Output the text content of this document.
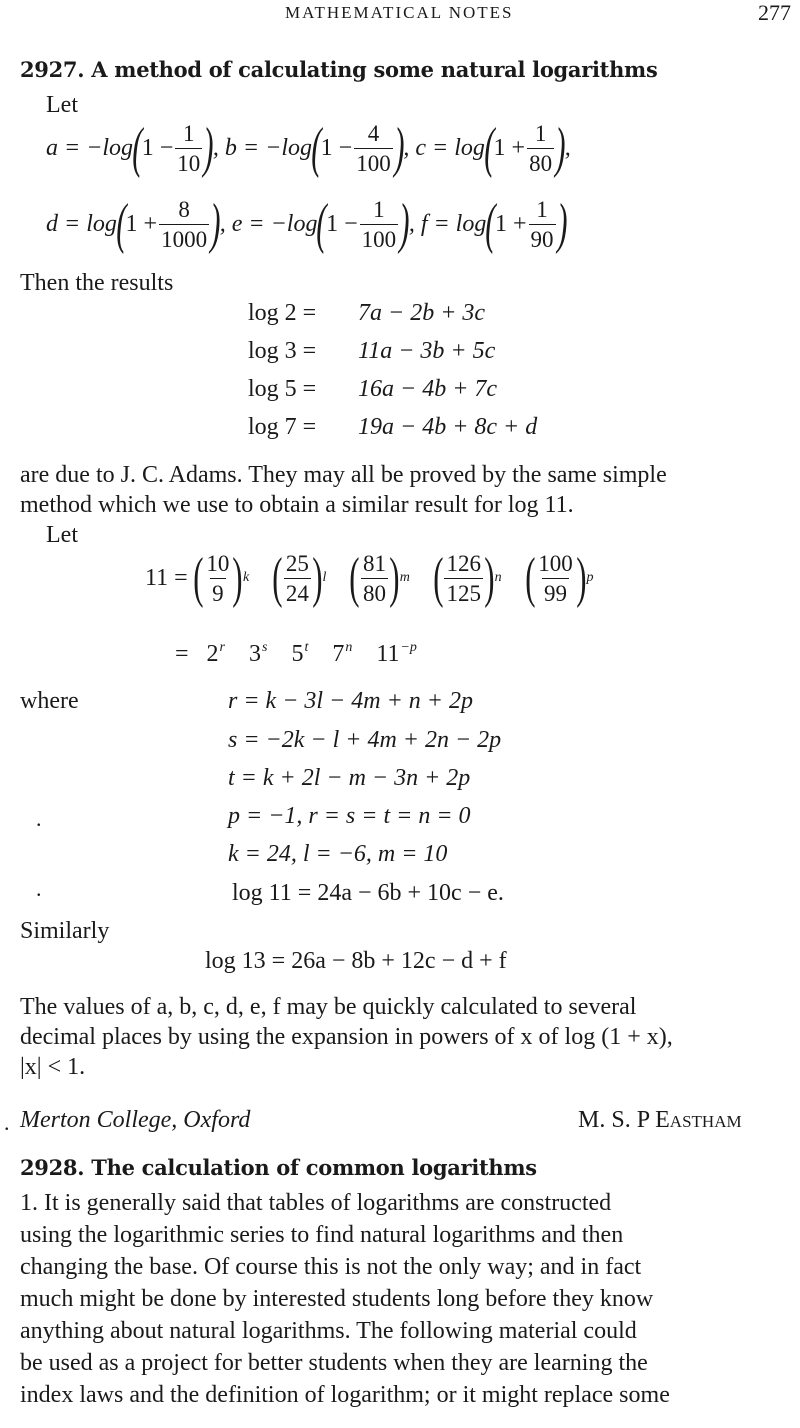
MATHEMATICAL NOTES	277
2927. A method of calculating some natural logarithms
Let
a = −log ( $1 - \frac{1}{10}$ ) , b = −log ( $1 - \frac{4}{100}$ ) , c = log ( $1 + \frac{1}{80}$ ) ,
d = log ( $1 + \frac{8}{1000}$ ) , e = −log ( $1 - \frac{1}{100}$ ) , f = log ( $1 + \frac{1}{90}$ )
Then the results
log 2 =	7a − 2b + 3c
log 3 =	11a − 3b + 5c
log 5 =	16a − 4b + 7c
log 7 =	19a − 4b + 8c + d
are due to J. C. Adams. They may all be proved by the same simple
method which we use to obtain a similar result for log 11.
Let
11 = ( $\frac{10}{9}$ ) k ( $\frac{25}{24}$ ) l ( $\frac{81}{80}$ ) m ( $\frac{126}{125}$ ) n ( $\frac{100}{99}$ ) p
= $2^r$ 3$^s$ 5$^t$ 7$^n$ $11^{-p}$
where	r = k − 3l − 4m + n + 2p
s = −2k − l + 4m + 2n − 2p
t = k + 2l − m − 3n + 2p
.	p = −1, r = s = t = n = 0
k = 24, l = −6, m = 10
.	log 11 = 24a − 6b + 10c − e.
Similarly
log 13 = 26a − 8b + 12c − d + f
The values of a, b, c, d, e, f may be quickly calculated to several
decimal places by using the expansion in powers of x of log (1 + x),
|x| < 1.
. Merton College, Oxford	M. S. P Eastham
2928. The calculation of common logarithms
1. It is generally said that tables of logarithms are constructed
using the logarithmic series to find natural logarithms and then
changing the base. Of course this is not the only way; and in fact
much might be done by interested students long before they know
anything about natural logarithms. The following material could
be used as a project for better students when they are learning the
index laws and the definition of logarithm; or it might replace some
